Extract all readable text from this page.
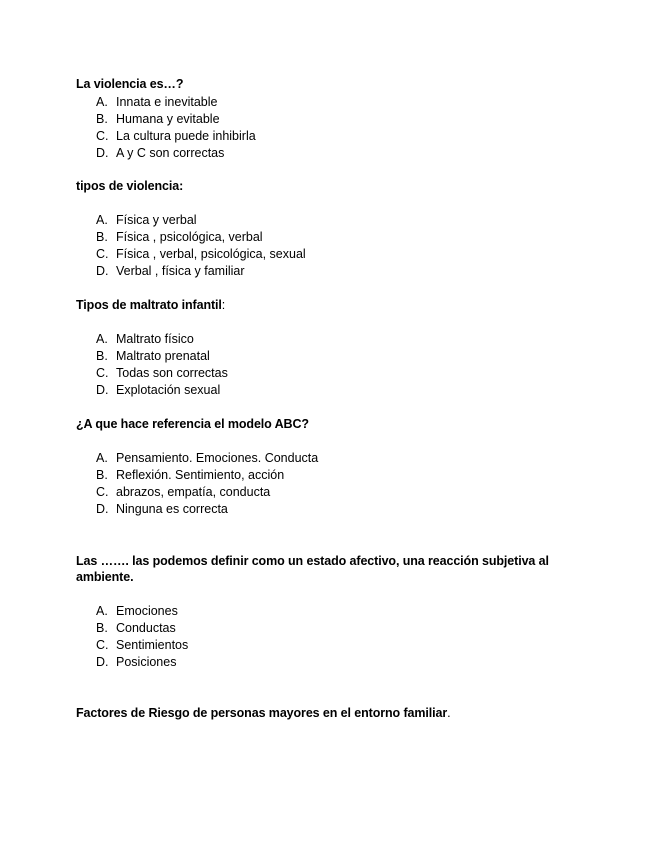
La violencia es…?
A. Innata e inevitable
B. Humana y evitable
C. La cultura puede inhibirla
D. A y C son correctas
tipos de violencia:
A. Física y verbal
B. Física , psicológica, verbal
C. Física , verbal, psicológica, sexual
D. Verbal , física y familiar
Tipos de maltrato infantil:
A. Maltrato físico
B. Maltrato prenatal
C. Todas son correctas
D. Explotación sexual
¿A que hace referencia el modelo ABC?
A. Pensamiento. Emociones. Conducta
B. Reflexión. Sentimiento, acción
C. abrazos, empatía, conducta
D. Ninguna es correcta
Las ……. las podemos definir como un estado afectivo, una reacción subjetiva al ambiente.
A. Emociones
B. Conductas
C. Sentimientos
D. Posiciones
Factores de Riesgo de personas mayores en el entorno familiar.
